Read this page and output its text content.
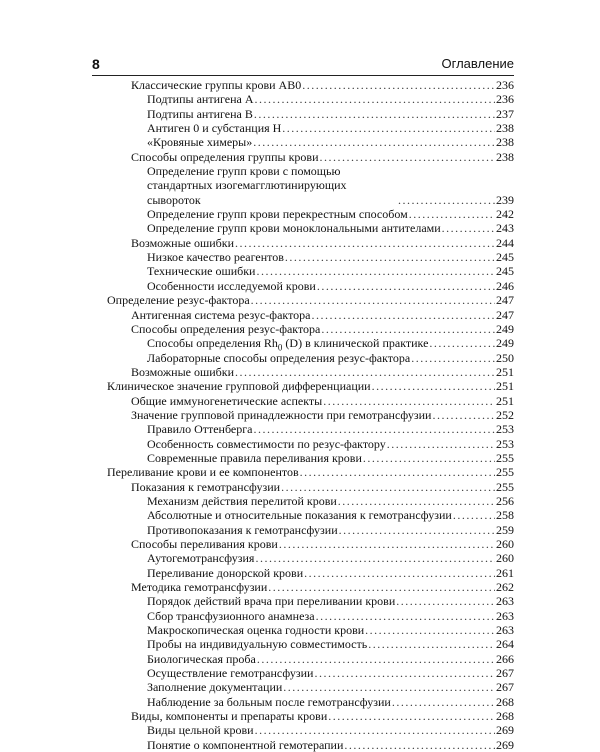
8	Оглавление
Классические группы крови АВ0 .....	236
Подтипы антигена А .....	236
Подтипы антигена В .....	237
Антиген 0 и субстанция Н .....	238
«Кровяные химеры» .....	238
Способы определения группы крови .....	238
Определение групп крови с помощью стандартных изогемагглютинирующих сывороток .....	239
Определение групп крови перекрестным способом .....	242
Определение групп крови моноклональными антителами .....	243
Возможные ошибки .....	244
Низкое качество реагентов .....	245
Технические ошибки .....	245
Особенности исследуемой крови .....	246
Определение резус-фактора .....	247
Антигенная система резус-фактора .....	247
Способы определения резус-фактора .....	249
Способы определения $Rh_0$ (D) в клинической практике .....	249
Лабораторные способы определения резус-фактора .....	250
Возможные ошибки .....	251
Клиническое значение групповой дифференциации .....	251
Общие иммуногенетические аспекты .....	251
Значение групповой принадлежности при гемотрансфузии .....	252
Правило Оттенберга .....	253
Особенность совместимости по резус-фактору .....	253
Современные правила переливания крови .....	255
Переливание крови и ее компонентов .....	255
Показания к гемотрансфузии .....	255
Механизм действия перелитой крови .....	256
Абсолютные и относительные показания к гемотрансфузии .....	258
Противопоказания к гемотрансфузии .....	259
Способы переливания крови .....	260
Аутогемотрансфузия .....	260
Переливание донорской крови .....	261
Методика гемотрансфузии .....	262
Порядок действий врача при переливании крови .....	263
Сбор трансфузионного анамнеза .....	263
Макроскопическая оценка годности крови .....	263
Пробы на индивидуальную совместимость .....	264
Биологическая проба .....	266
Осуществление гемотрансфузии .....	267
Заполнение документации .....	267
Наблюдение за больным после гемотрансфузии .....	268
Виды, компоненты и препараты крови .....	268
Виды цельной крови .....	269
Понятие о компонентной гемотерапии .....	269
